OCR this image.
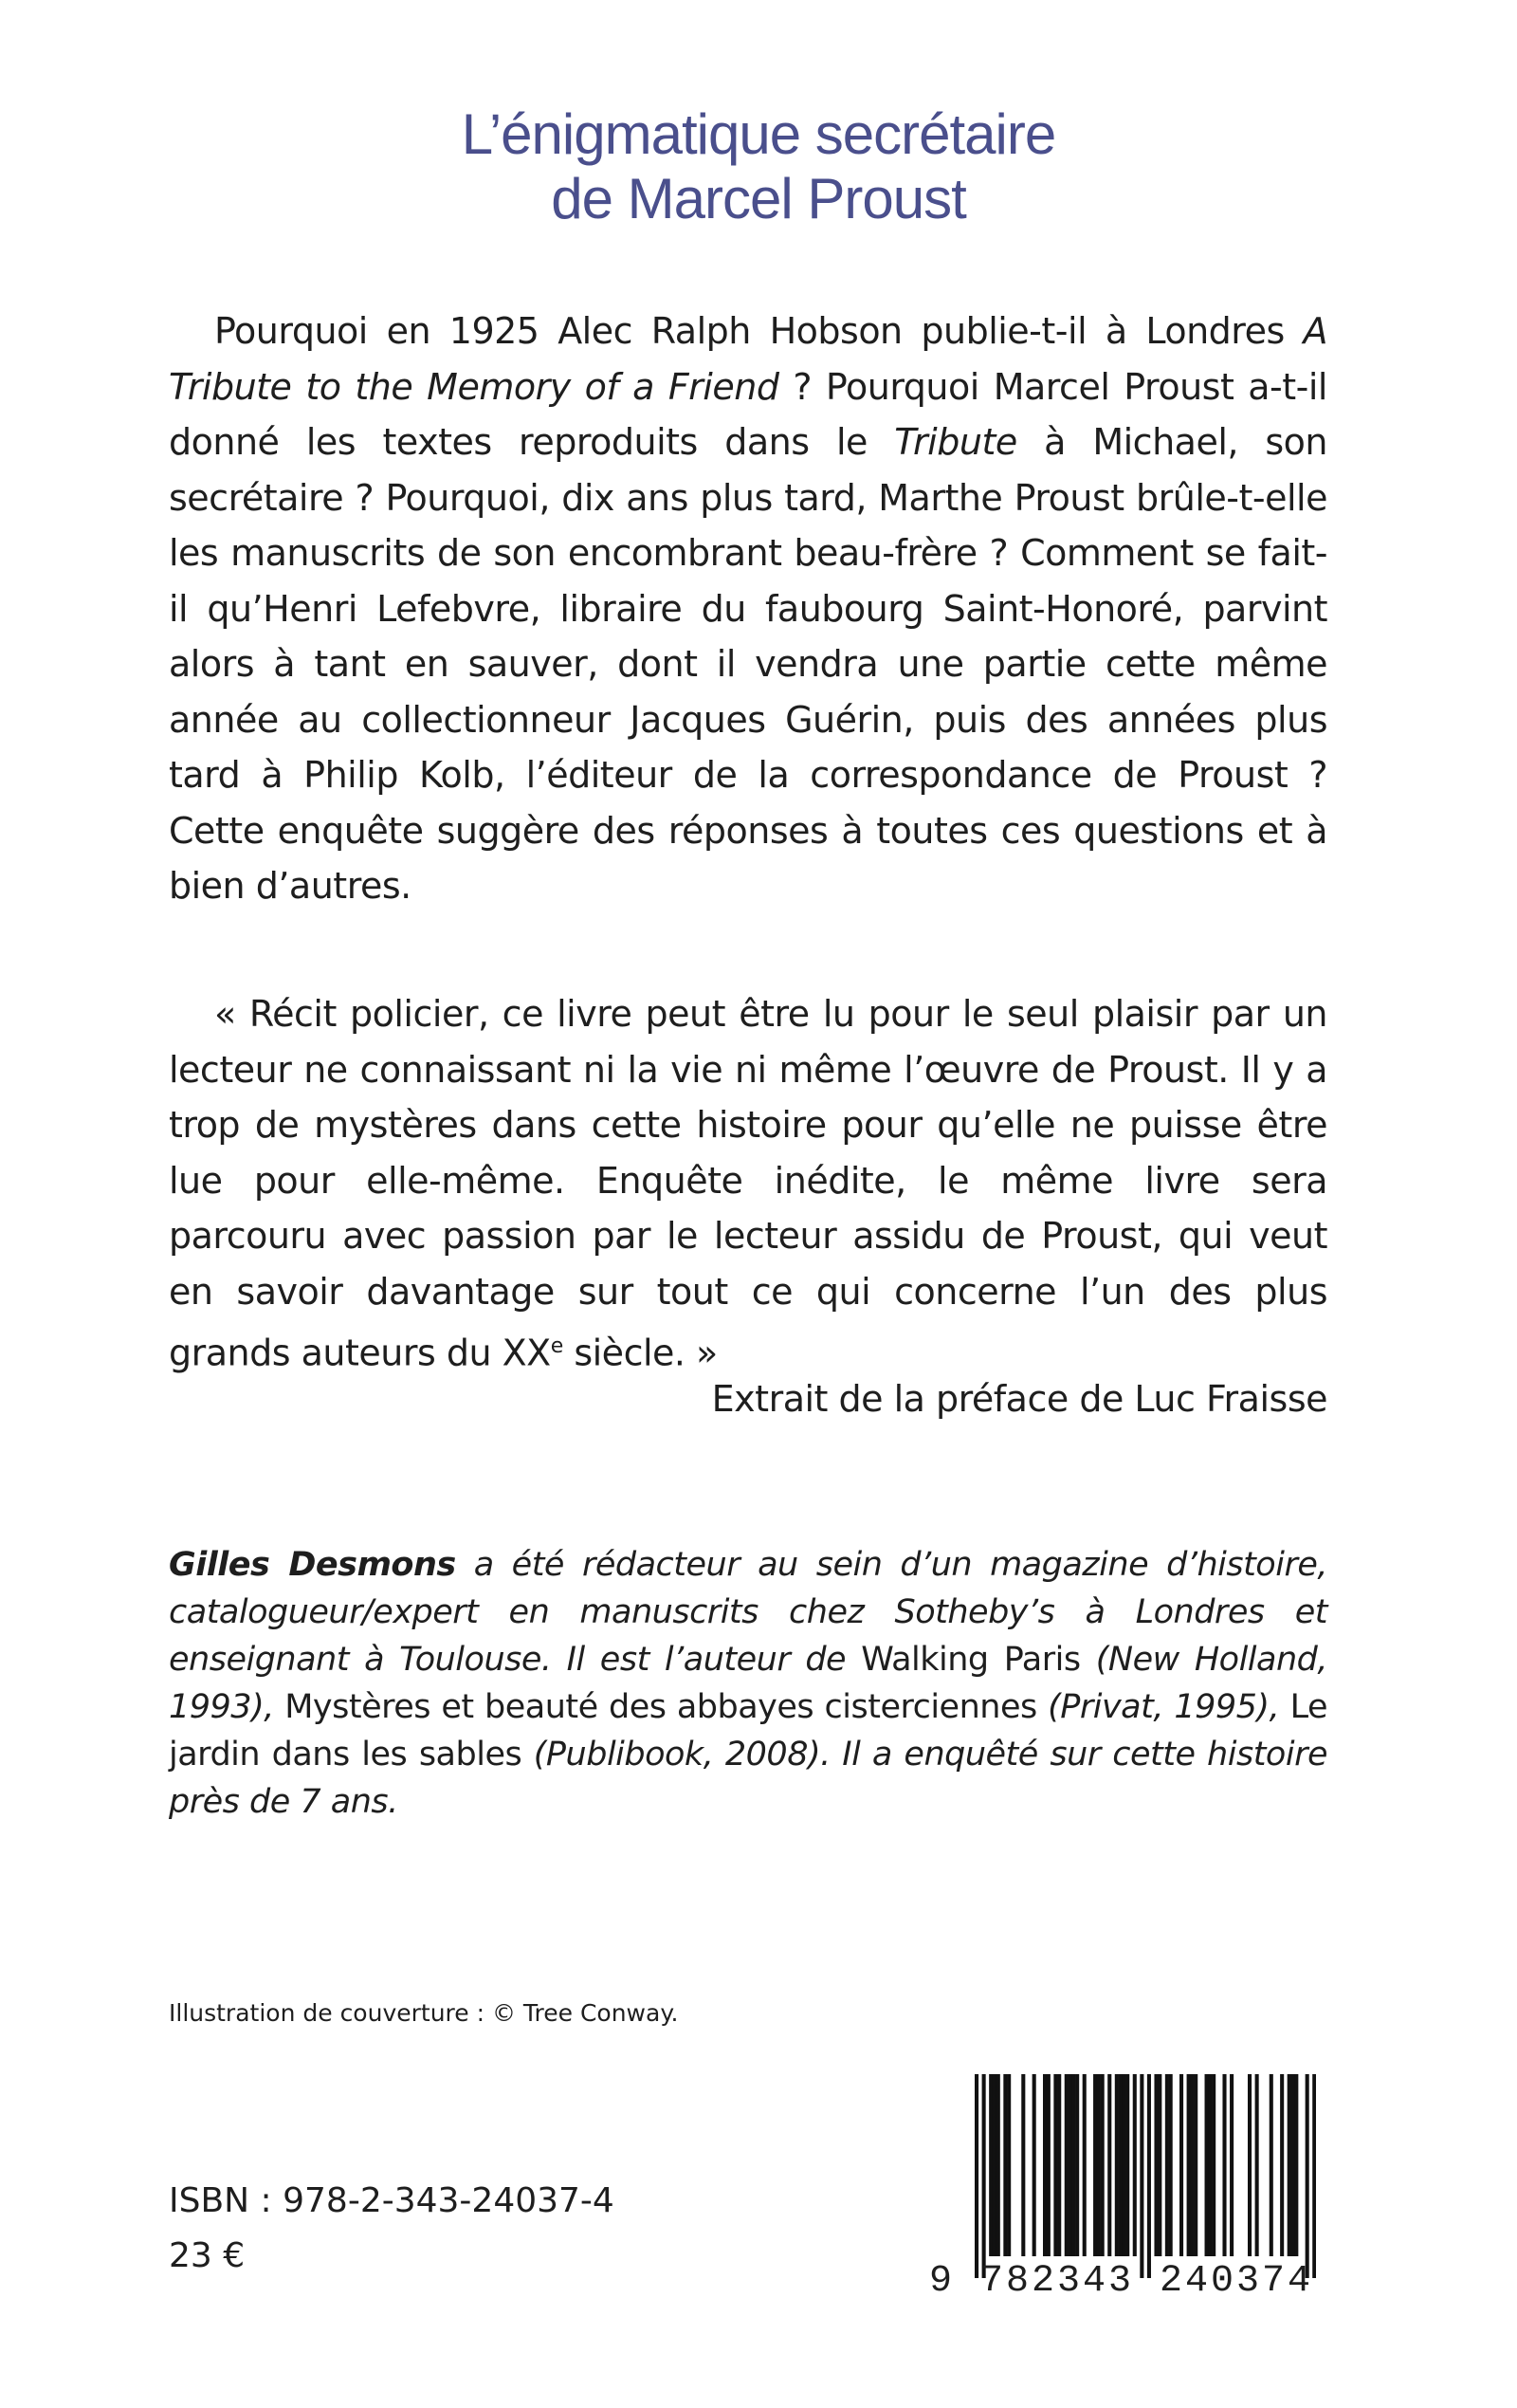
L’énigmatique secrétaire
de Marcel Proust
Pourquoi en 1925 Alec Ralph Hobson publie-t-il à Londres A Tribute to the Memory of a Friend ? Pourquoi Marcel Proust a-t-il donné les textes reproduits dans le Tribute à Michael, son secrétaire ? Pourquoi, dix ans plus tard, Marthe Proust brûle-t-elle les manuscrits de son encombrant beau-frère ? Comment se fait-il qu’Henri Lefebvre, libraire du faubourg Saint-Honoré, parvint alors à tant en sauver, dont il vendra une partie cette même année au collectionneur Jacques Guérin, puis des années plus tard à Philip Kolb, l’éditeur de la correspondance de Proust ? Cette enquête suggère des réponses à toutes ces questions et à bien d’autres.
« Récit policier, ce livre peut être lu pour le seul plaisir par un lecteur ne connaissant ni la vie ni même l’œuvre de Proust. Il y a trop de mystères dans cette histoire pour qu’elle ne puisse être lue pour elle-même. Enquête inédite, le même livre sera parcouru avec passion par le lecteur assidu de Proust, qui veut en savoir davantage sur tout ce qui concerne l’un des plus grands auteurs du XXe siècle. »
Extrait de la préface de Luc Fraisse
Gilles Desmons a été rédacteur au sein d’un magazine d’histoire, catalogueur/expert en manuscrits chez Sotheby’s à Londres et enseignant à Toulouse. Il est l’auteur de Walking Paris (New Holland, 1993), Mystères et beauté des abbayes cisterciennes (Privat, 1995), Le jardin dans les sables (Publibook, 2008). Il a enquêté sur cette histoire près de 7 ans.
Illustration de couverture : © Tree Conway.
ISBN : 978-2-343-24037-4
23 €
9 782343 240374
